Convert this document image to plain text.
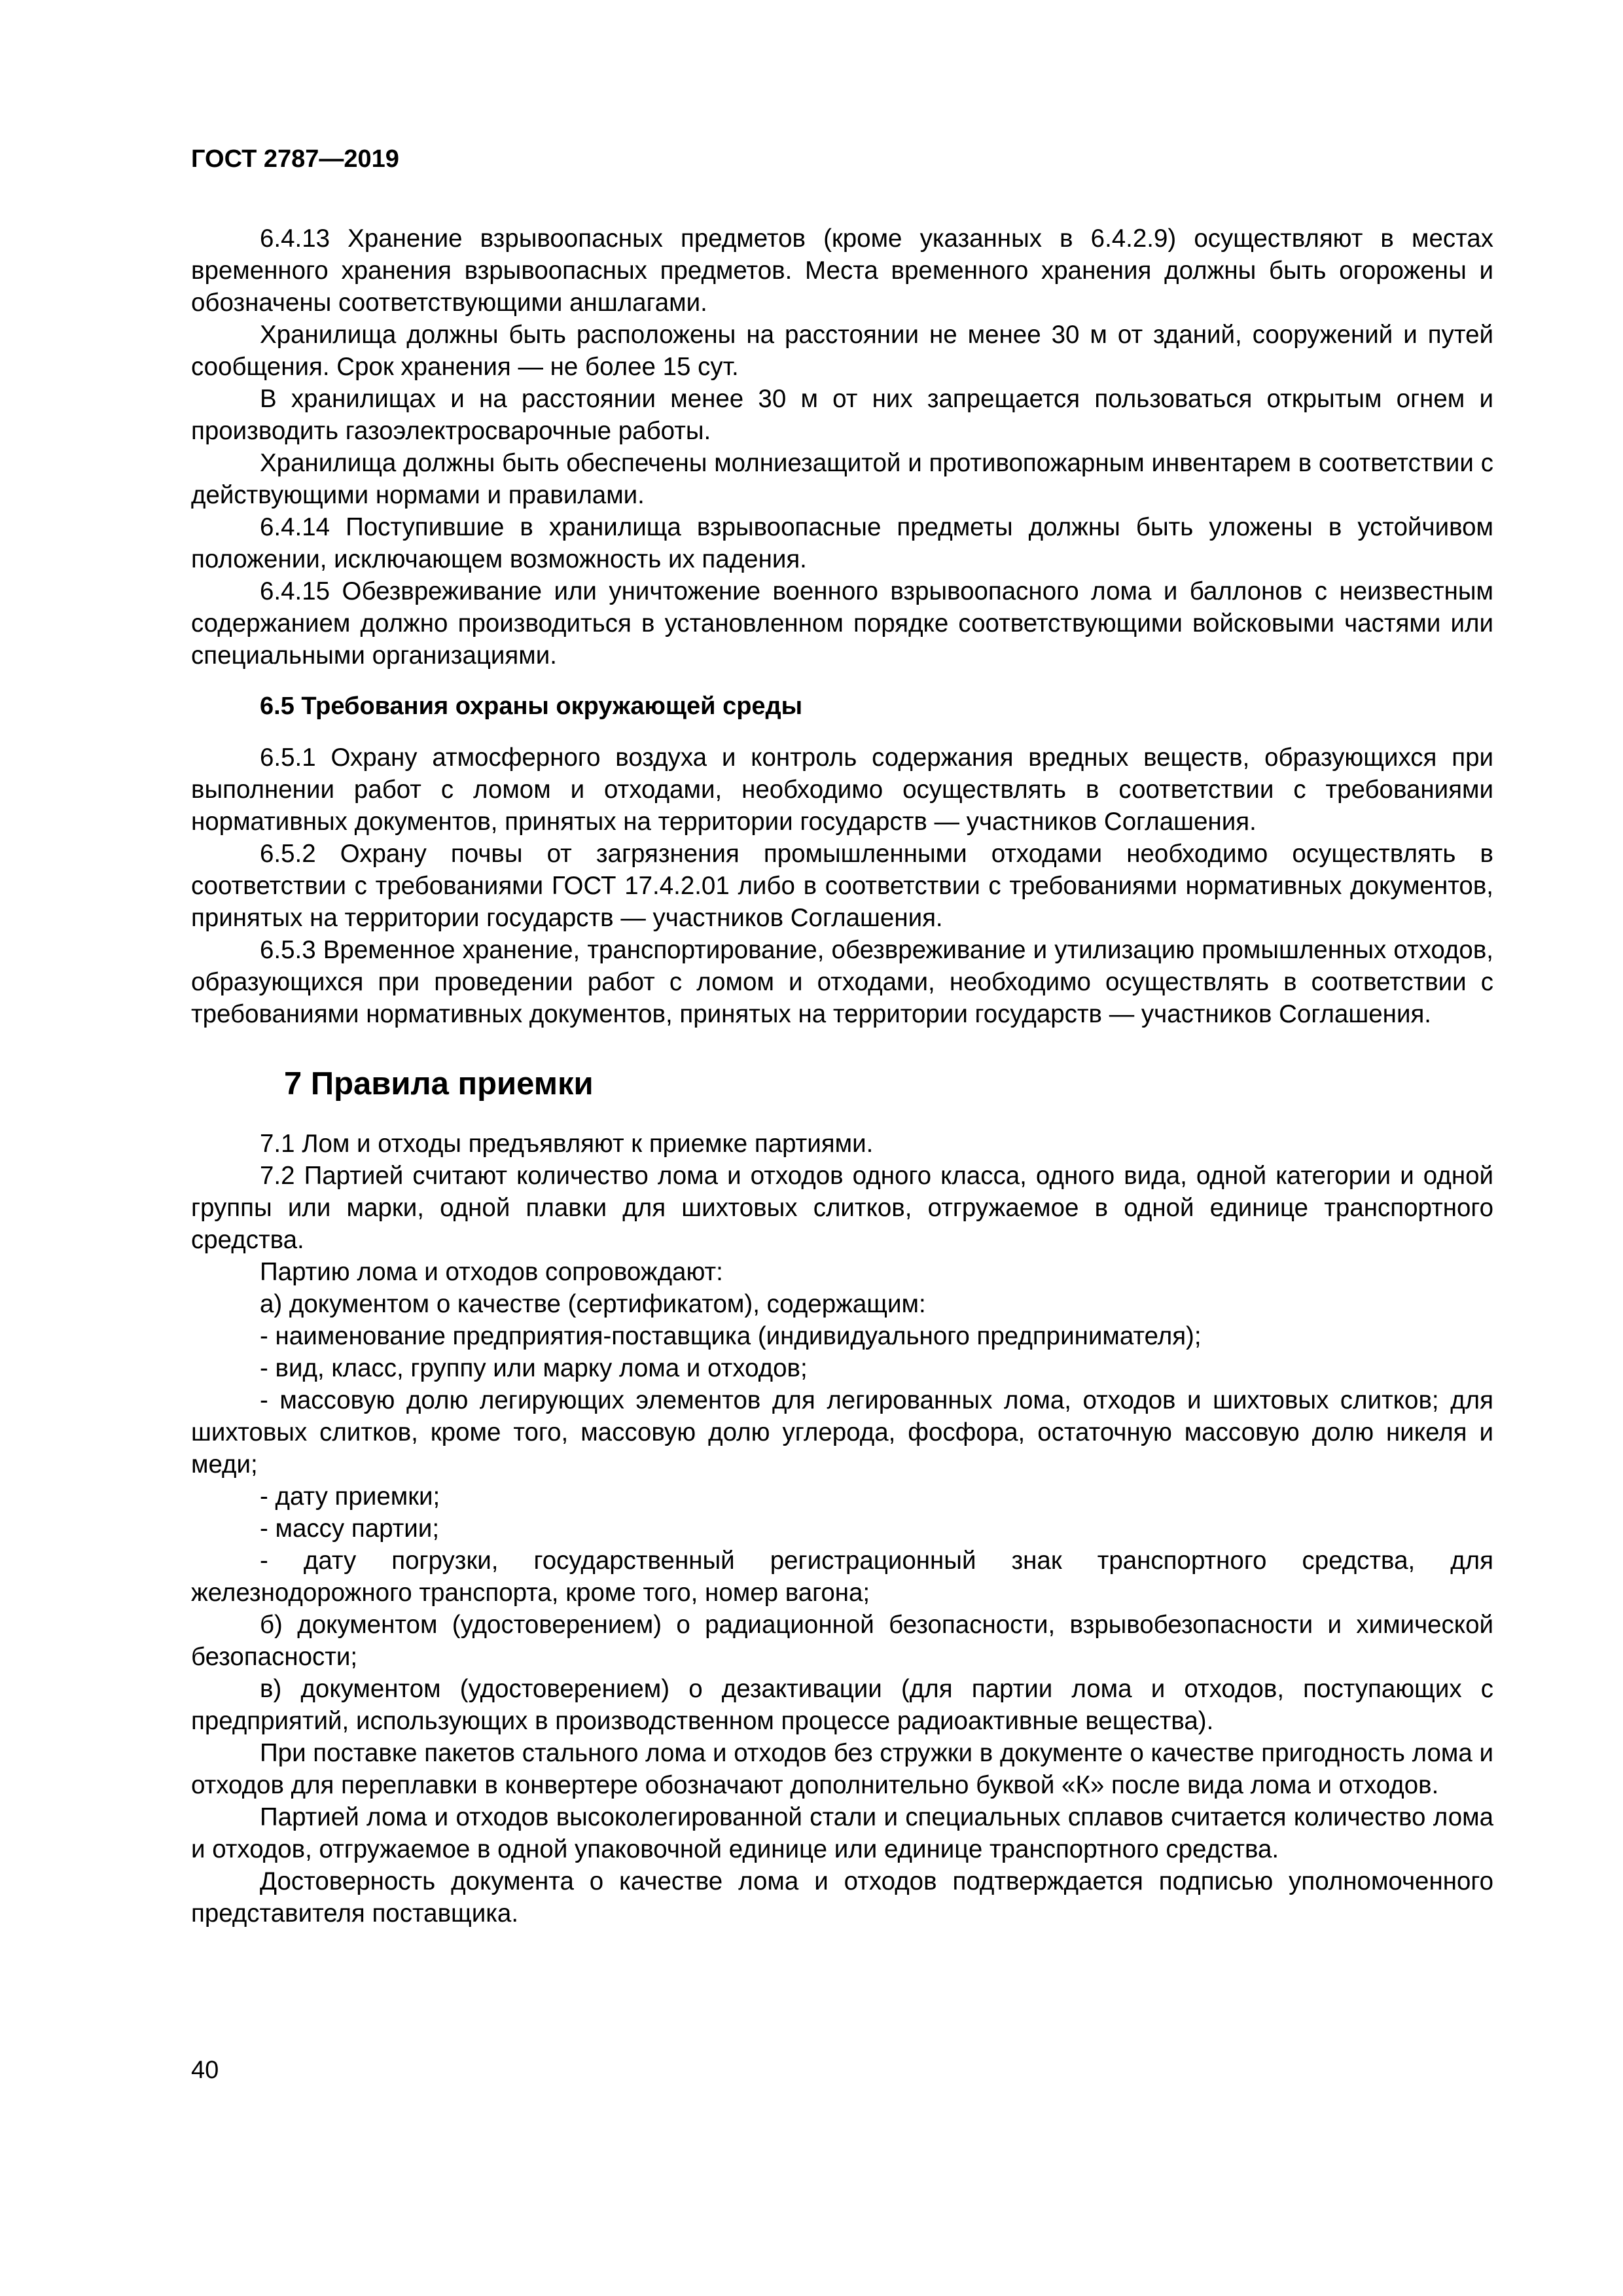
ГОСТ 2787—2019

6.4.13 Хранение взрывоопасных предметов (кроме указанных в 6.4.2.9) осуществляют в местах временного хранения взрывоопасных предметов. Места временного хранения должны быть огорожены и обозначены соответствующими аншлагами.

Хранилища должны быть расположены на расстоянии не менее 30 м от зданий, сооружений и путей сообщения. Срок хранения — не более 15 сут.

В хранилищах и на расстоянии менее 30 м от них запрещается пользоваться открытым огнем и производить газоэлектросварочные работы.

Хранилища должны быть обеспечены молниезащитой и противопожарным инвентарем в соответствии с действующими нормами и правилами.

6.4.14 Поступившие в хранилища взрывоопасные предметы должны быть уложены в устойчивом положении, исключающем возможность их падения.

6.4.15 Обезвреживание или уничтожение военного взрывоопасного лома и баллонов с неизвестным содержанием должно производиться в установленном порядке соответствующими войсковыми частями или специальными организациями.

6.5 Требования охраны окружающей среды

6.5.1 Охрану атмосферного воздуха и контроль содержания вредных веществ, образующихся при выполнении работ с ломом и отходами, необходимо осуществлять в соответствии с требованиями нормативных документов, принятых на территории государств — участников Соглашения.

6.5.2 Охрану почвы от загрязнения промышленными отходами необходимо осуществлять в соответствии с требованиями ГОСТ 17.4.2.01 либо в соответствии с требованиями нормативных документов, принятых на территории государств — участников Соглашения.

6.5.3 Временное хранение, транспортирование, обезвреживание и утилизацию промышленных отходов, образующихся при проведении работ с ломом и отходами, необходимо осуществлять в соответствии с требованиями нормативных документов, принятых на территории государств — участников Соглашения.

7 Правила приемки

7.1 Лом и отходы предъявляют к приемке партиями.

7.2 Партией считают количество лома и отходов одного класса, одного вида, одной категории и одной группы или марки, одной плавки для шихтовых слитков, отгружаемое в одной единице транспортного средства.

Партию лома и отходов сопровождают:

а) документом о качестве (сертификатом), содержащим:

- наименование предприятия-поставщика (индивидуального предпринимателя);

- вид, класс, группу или марку лома и отходов;

- массовую долю легирующих элементов для легированных лома, отходов и шихтовых слитков; для шихтовых слитков, кроме того, массовую долю углерода, фосфора, остаточную массовую долю никеля и меди;

- дату приемки;

- массу партии;

- дату погрузки, государственный регистрационный знак транспортного средства, для железнодорожного транспорта, кроме того, номер вагона;

б) документом (удостоверением) о радиационной безопасности, взрывобезопасности и химической безопасности;

в) документом (удостоверением) о дезактивации (для партии лома и отходов, поступающих с предприятий, использующих в производственном процессе радиоактивные вещества).

При поставке пакетов стального лома и отходов без стружки в документе о качестве пригодность лома и отходов для переплавки в конвертере обозначают дополнительно буквой «К» после вида лома и отходов.

Партией лома и отходов высоколегированной стали и специальных сплавов считается количество лома и отходов, отгружаемое в одной упаковочной единице или единице транспортного средства.

Достоверность документа о качестве лома и отходов подтверждается подписью уполномоченного представителя поставщика.

40
